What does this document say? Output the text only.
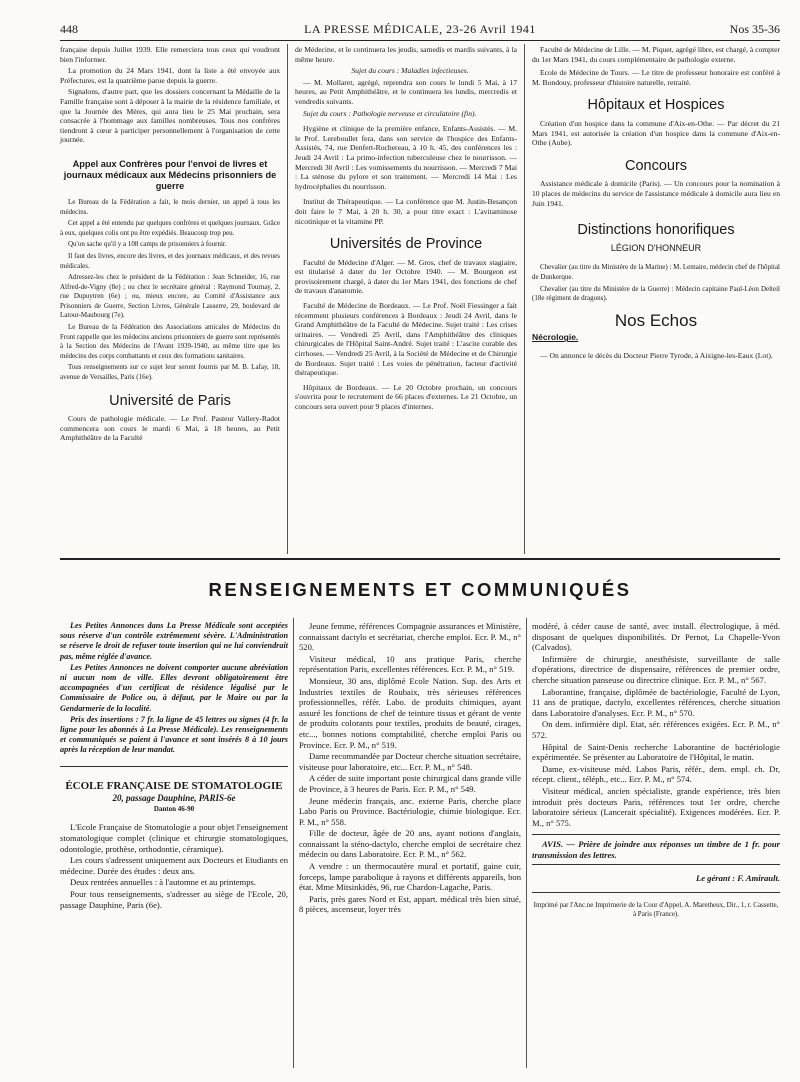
448	LA PRESSE MÉDICALE, 23-26 Avril 1941	Nos 35-36

française depuis Juillet 1939. Elle remerciera tous ceux qui voudront bien l'informer.

La promotion du 24 Mars 1941, dont la liste a été envoyée aux Préfectures, est la quatrième parue depuis la guerre.

Signalons, d'autre part, que les dossiers concernant la Médaille de la Famille française sont à déposer à la mairie de la résidence familiale, et que la Journée des Mères, qui aura lieu le 25 Mai prochain, sera consacrée à l'hommage aux familles nombreuses. Tous nos confrères tiendront à cœur à participer personnellement à l'organisation de cette journée.

Appel aux Confrères pour l'envoi de livres et journaux médicaux aux Médecins prisonniers de guerre

Le Bureau de la Fédération a fait, le mois dernier, un appel à tous les médecins.

Cet appel a été entendu par quelques confrères et quelques journaux. Grâce à eux, quelques colis ont pu être expédiés. Beaucoup trop peu.

Qu'on sache qu'il y a 108 camps de prisonniers à fournir.

Il faut des livres, encore des livres, et des journaux médicaux, et des revues médicales.

Adressez-les chez le président de la Fédération : Jean Schneider, 16, rue Alfred-de-Vigny (8e) ; ou chez le secrétaire général : Raymond Tournay, 2, rue Dupuytren (6e) ; ou, mieux encore, au Comité d'Assistance aux Prisonniers de Guerre, Section Livres, Générale Lasserre, 29, boulevard de Latour-Maubourg (7e).

Le Bureau de la Fédération des Associations amicales de Médecins du Front rappelle que les médecins anciens prisonniers de guerre sont représentés à la Section des Médecins de l'Avant 1939-1940, au même titre que les médecins des corps combattants et ceux des formations sanitaires.

Tous renseignements sur ce sujet leur seront fournis par M. B. Lafay, 18, avenue de Versailles, Paris (16e).

Université de Paris

Cours de pathologie médicale. — Le Prof. Pasteur Vallery-Radot commencera son cours le mardi 6 Mai, à 18 heures, au Petit Amphithéâtre de la Faculté

de Médecine, et le continuera les jeudis, samedis et mardis suivants, à la même heure.

Sujet du cours : Maladies infectieuses.

— M. Mollaret, agrégé, reprendra son cours le lundi 5 Mai, à 17 heures, au Petit Amphithéâtre, et le continuera les lundis, mercredis et vendredis suivants.

Sujet du cours : Pathologie nerveuse et circulatoire (fin).

Hygiène et clinique de la première enfance, Enfants-Assistés. — M. le Prof. Lereboullet fera, dans son service de l'hospice des Enfants-Assistés, 74, rue Denfert-Rochereau, à 10 h. 45, des conférences les : Jeudi 24 Avril : La primo-infection tuberculeuse chez le nourrisson. — Mercredi 30 Avril : Les vomissements du nourrisson. — Mercredi 7 Mai : La sténose du pylore et son traitement. — Mercredi 14 Mai : Les hydrocéphalies du nourrisson.

Institut de Thérapeutique. — La conférence que M. Justin-Besançon doit faire le 7 Mai, à 20 h. 30, a pour titre exact : L'avitaminose nicotinique et la vitamine PP.

Universités de Province

Faculté de Médecine d'Alger. — M. Gros, chef de travaux stagiaire, est titularisé à dater du 1er Octobre 1940. — M. Bourgeon est provisoirement chargé, à dater du 1er Mars 1941, des fonctions de chef de travaux d'anatomie.

Faculté de Médecine de Bordeaux. — Le Prof. Noël Fiessinger a fait récemment plusieurs conférences à Bordeaux : Jeudi 24 Avril, dans le Grand Amphithéâtre de la Faculté de Médecine. Sujet traité : Les crises urinaires. — Vendredi 25 Avril, dans l'Amphithéâtre des cliniques chirurgicales de l'Hôpital Saint-André. Sujet traité : L'ascite curable des cirrhoses. — Vendredi 25 Avril, à la Société de Médecine et de Chirurgie de Bordeaux. Sujet traité : Les voies de pénétration, facteur d'activité thérapeutique.

Hôpitaux de Bordeaux. — Le 20 Octobre prochain, un concours s'ouvrira pour le recrutement de 66 places d'externes. Le 21 Octobre, un concours sera ouvert pour 9 places d'internes.

Faculté de Médecine de Lille. — M. Piquet, agrégé libre, est chargé, à compter du 1er Mars 1941, du cours complémentaire de pathologie externe.

Ecole de Médecine de Tours. — Le titre de professeur honoraire est conféré à M. Bondouy, professeur d'histoire naturelle, retraité.

Hôpitaux et Hospices

Création d'un hospice dans la commune d'Aix-en-Othe. — Par décret du 21 Mars 1941, est autorisée la création d'un hospice dans la commune d'Aix-en-Othe (Aube).

Concours

Assistance médicale à domicile (Paris). — Un concours pour la nomination à 10 places de médecins du service de l'assistance médicale à domicile aura lieu en Juin 1941.

Distinctions honorifiques
LÉGION D'HONNEUR

Chevalier (au titre du Ministère de la Marine) : M. Lemaire, médecin chef de l'hôpital de Dunkerque.

Chevalier (au titre du Ministère de la Guerre) : Médecin capitaine Paul-Léon Delteil (18e régiment de dragons).

Nos Echos
Nécrologie.

— On annonce le décès du Docteur Pierre Tyrode, à Aixigne-les-Eaux (Lot).

RENSEIGNEMENTS ET COMMUNIQUÉS

Les Petites Annonces dans La Presse Médicale sont acceptées sous réserve d'un contrôle extrêmement sévère. L'Administration se réserve le droit de refuser toute insertion qui ne lui conviendrait pas, même réglée d'avance.

Les Petites Annonces ne doivent comporter aucune abréviation ni aucun nom de ville. Elles devront obligatoirement être accompagnées d'un certificat de résidence légalisé par le Commissaire de Police ou, à défaut, par le Maire ou par la Gendarmerie de la localité.

Prix des insertions : 7 fr. la ligne de 45 lettres ou signes (4 fr. la ligne pour les abonnés à La Presse Médicale). Les renseignements et communiqués se paient à l'avance et sont insérés 8 à 10 jours après la réception de leur mandat.

ÉCOLE FRANÇAISE DE STOMATOLOGIE
20, passage Dauphine, PARIS-6e
Danton 46-90

L'Ecole Française de Stomatologie a pour objet l'enseignement stomatologique complet (clinique et chirurgie stomatologiques, odontologie, prothèse, orthodontie, céramique).

Les cours s'adressent uniquement aux Docteurs et Etudiants en médecine. Durée des études : deux ans.

Deux rentrées annuelles : à l'automne et au printemps.

Pour tous renseignements, s'adresser au siège de l'Ecole, 20, passage Dauphine, Paris (6e).

Jeune femme, références Compagnie assurances et Ministère, connaissant dactylo et secrétariat, cherche emploi. Ecr. P. M., n° 520.

Visiteur médical, 10 ans pratique Paris, cherche représentation Paris, excellentes références. Ecr. P. M., n° 519.

Monsieur, 30 ans, diplômé Ecole Nation. Sup. des Arts et Industries textiles de Roubaix, très sérieuses références professionnelles, référ. Labo. de produits chimiques, ayant assuré les fonctions de chef de teinture tissus et gérant de vente de produits colorants pour textiles, produits de beauté, cirages, etc..., bonnes notions comptabilité, cherche emploi Paris ou Province. Ecr. P. M., n° 519.

Dame recommandée par Docteur cherche situation secrétaire, visiteuse pour laboratoire, etc... Ecr. P. M., n° 548.

A céder de suite important poste chirurgical dans grande ville de Province, à 3 heures de Paris. Ecr. P. M., n° 549.

Jeune médecin français, anc. externe Paris, cherche place Labo Paris ou Province. Bactériologie, chimie biologique. Ecr. P. M., n° 558.

Fille de docteur, âgée de 20 ans, ayant notions d'anglais, connaissant la sténo-dactylo, cherche emploi de secrétaire chez médecin ou dans Laboratoire. Ecr. P. M., n° 562.

A vendre : un thermocautère mural et portatif, gaine cuir, forceps, lampe parabolique à rayons et différents appareils, bon état. Mme Mitsinkidès, 96, rue Chardon-Lagache, Paris.

Paris, près gares Nord et Est, appart. médical très bien situé, 8 pièces, ascenseur, loyer très

modéré, à céder cause de santé, avec install. électrologique, à méd. disposant de quelques disponibilités. Dr Pernot, La Chapelle-Yvon (Calvados).

Infirmière de chirurgie, anesthésiste, surveillante de salle d'opérations, directrice de dispensaire, références de premier ordre, cherche situation panseuse ou directrice clinique. Ecr. P. M., n° 567.

Laborantine, française, diplômée de bactériologie, Faculté de Lyon, 11 ans de pratique, dactylo, excellentes références, cherche situation dans Laboratoire d'analyses. Ecr. P. M., n° 570.

On dem. infirmière dipl. Etat, sér. références exigées. Ecr. P. M., n° 572.

Hôpital de Saint-Denis recherche Laborantine de bactériologie expérimentée. Se présenter au Laboratoire de l'Hôpital, le matin.

Dame, ex-visiteuse méd. Labos Paris, référ., dem. empl. ch. Dr, récept. client., téléph., etc... Ecr. P. M., n° 574.

Visiteur médical, ancien spécialiste, grande expérience, très bien introduit près docteurs Paris, références tout 1er ordre, cherche laboratoire sérieux (Lancerait spécialité). Exigences modérées. Ecr. P. M., n° 575.

AVIS. — Prière de joindre aux réponses un timbre de 1 fr. pour transmission des lettres.

Le gérant : F. Amirault.

Imprimé par l'Anc.ne Imprimerie de la Cour d'Appel, A. Maretheux, Dir., 1, r. Cassette, à Paris (France).
